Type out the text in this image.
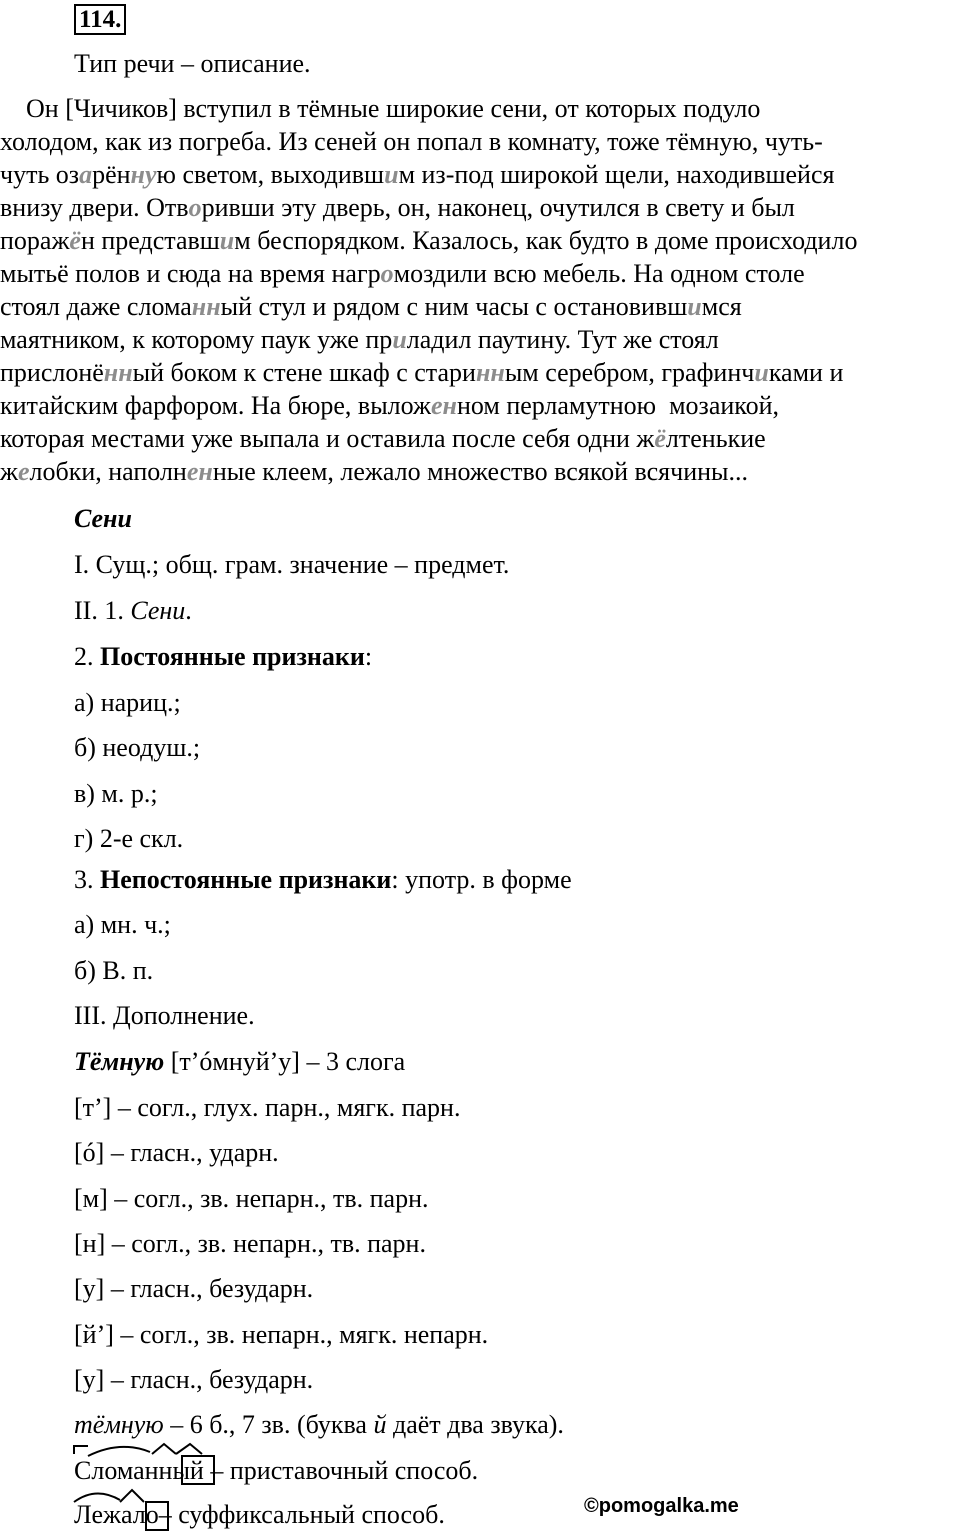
114.
Тип речи – описание.
Он [Чичиков] вступил в тёмные широкие сени, от которых подуло
холодом, как из погреба. Из сеней он попал в комнату, тоже тёмную, чуть-
чуть озарённую светом, выходившим из-под широкой щели, находившейся
внизу двери. Отворивши эту дверь, он, наконец, очутился в свету и был
поражён представшим беспорядком. Казалось, как будто в доме происходило
мытьё полов и сюда на время нагромоздили всю мебель. На одном столе
стоял даже сломанный стул и рядом с ним часы с остановившимся
маятником, к которому паук уже приладил паутину. Тут же стоял
прислонённый боком к стене шкаф с старинным серебром, графинчиками и
китайским фарфором. На бюре, выложенном перламутною  мозаикой,
которая местами уже выпала и оставила после себя одни жёлтенькие
желобки, наполненные клеем, лежало множество всякой всячины...
Сени
I. Сущ.; общ. грам. значение – предмет.
II. 1. Сени.
2. Постоянные признаки:
а) нариц.;
б) неодуш.;
в) м. р.;
г) 2-е скл.
3. Непостоянные признаки: употр. в форме
а) мн. ч.;
б) В. п.
III. Дополнение.
Тёмную [т’óмнуй’у] – 3 слога
[т’] – согл., глух. парн., мягк. парн.
[ó] – гласн., ударн.
[м] – согл., зв. непарн., тв. парн.
[н] – согл., зв. непарн., тв. парн.
[у] – гласн., безударн.
[й’] – согл., зв. непарн., мягк. непарн.
[у] – гласн., безударн.
тёмную – 6 б., 7 зв. (буква й даёт два звука).
Сломанный – приставочный способ.
Лежало– суффиксальный способ.	©pomogalka.me
